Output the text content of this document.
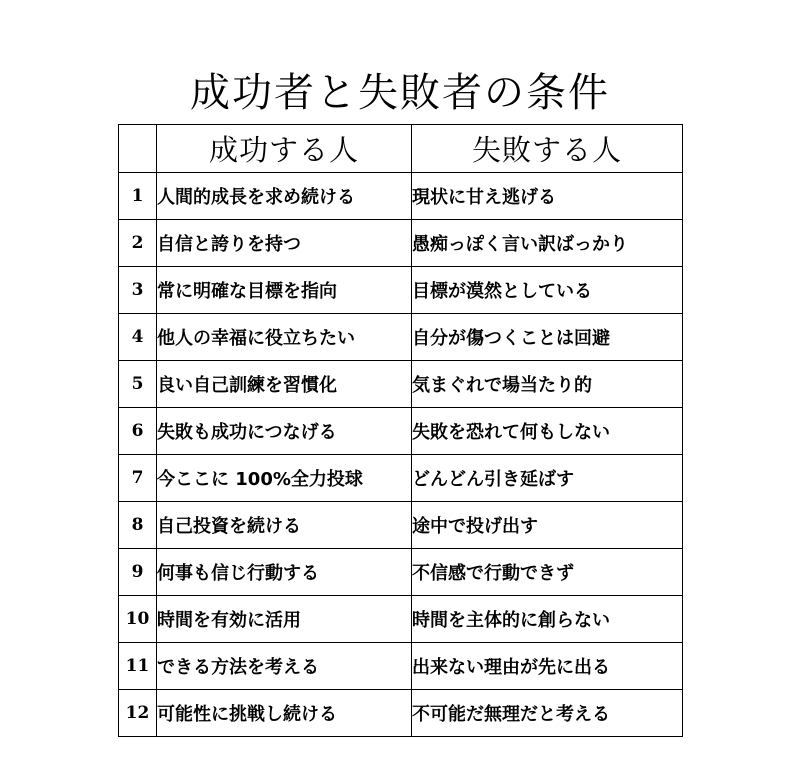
成功者と失敗者の条件
	成功する人	失敗する人
1	人間的成長を求め続ける	現状に甘え逃げる
2	自信と誇りを持つ	愚痴っぽく言い訳ばっかり
3	常に明確な目標を指向	目標が漠然としている
4	他人の幸福に役立ちたい	自分が傷つくことは回避
5	良い自己訓練を習慣化	気まぐれで場当たり的
6	失敗も成功につなげる	失敗を恐れて何もしない
7	今ここに 100%全力投球	どんどん引き延ばす
8	自己投資を続ける	途中で投げ出す
9	何事も信じ行動する	不信感で行動できず
10	時間を有効に活用	時間を主体的に創らない
11	できる方法を考える	出来ない理由が先に出る
12	可能性に挑戦し続ける	不可能だ無理だと考える
